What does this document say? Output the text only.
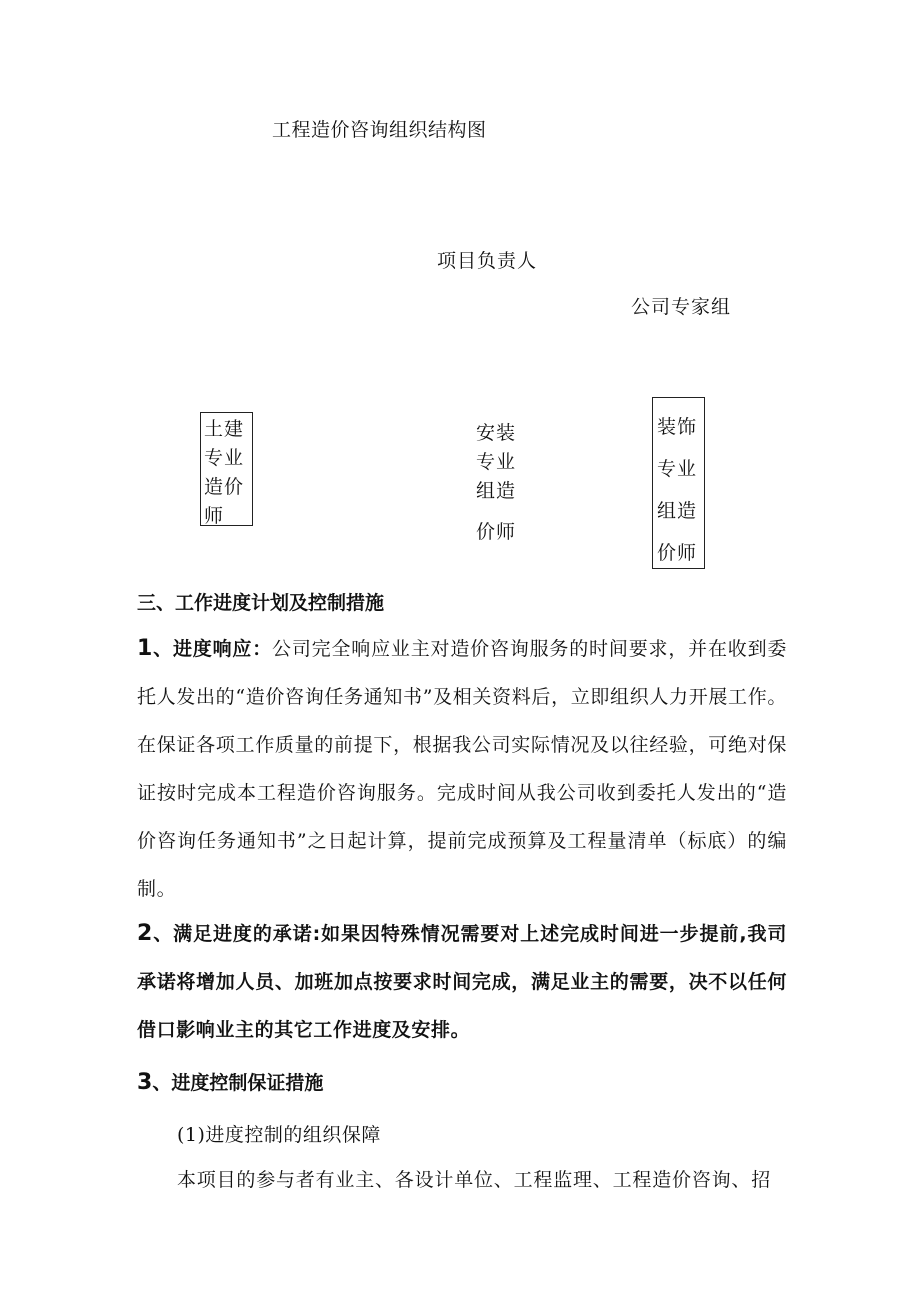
工程造价咨询组织结构图
项目负责人
公司专家组
土建
专业
造价
师
安装
专业
组造
价师
装饰
专业
组造
价师
三、工作进度计划及控制措施
1、进度响应：公司完全响应业主对造价咨询服务的时间要求，并在收到委托人发出的“造价咨询任务通知书”及相关资料后，立即组织人力开展工作。在保证各项工作质量的前提下，根据我公司实际情况及以往经验，可绝对保证按时完成本工程造价咨询服务。完成时间从我公司收到委托人发出的“造价咨询任务通知书”之日起计算，提前完成预算及工程量清单（标底）的编制。
2、满足进度的承诺:如果因特殊情况需要对上述完成时间进一步提前,我司承诺将增加人员、加班加点按要求时间完成，满足业主的需要，决不以任何借口影响业主的其它工作进度及安排。
3、进度控制保证措施
(1)进度控制的组织保障
本项目的参与者有业主、各设计单位、工程监理、工程造价咨询、招
